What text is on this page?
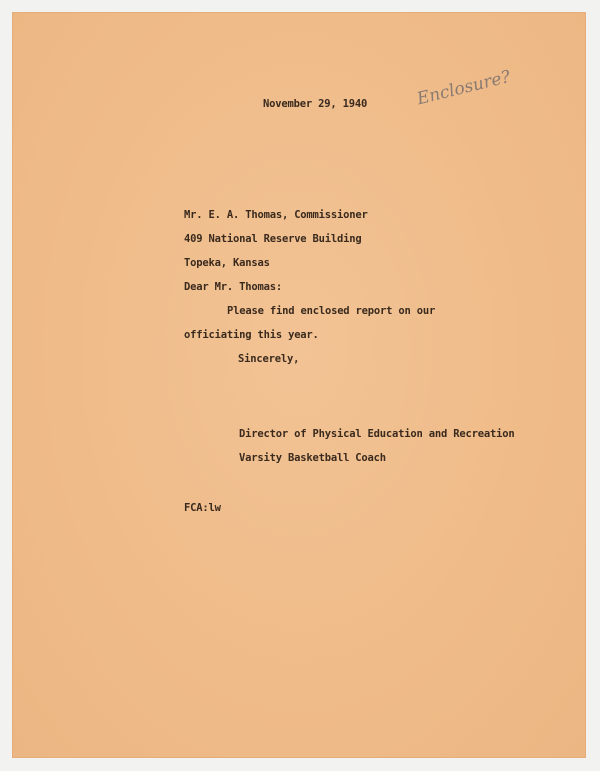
November 29, 1940	Enclosure?
Mr. E. A. Thomas, Commissioner
409 National Reserve Building
Topeka, Kansas
Dear Mr. Thomas:
Please find enclosed report on our
officiating this year.
Sincerely,
Director of Physical Education and Recreation
Varsity Basketball Coach
FCA:lw
